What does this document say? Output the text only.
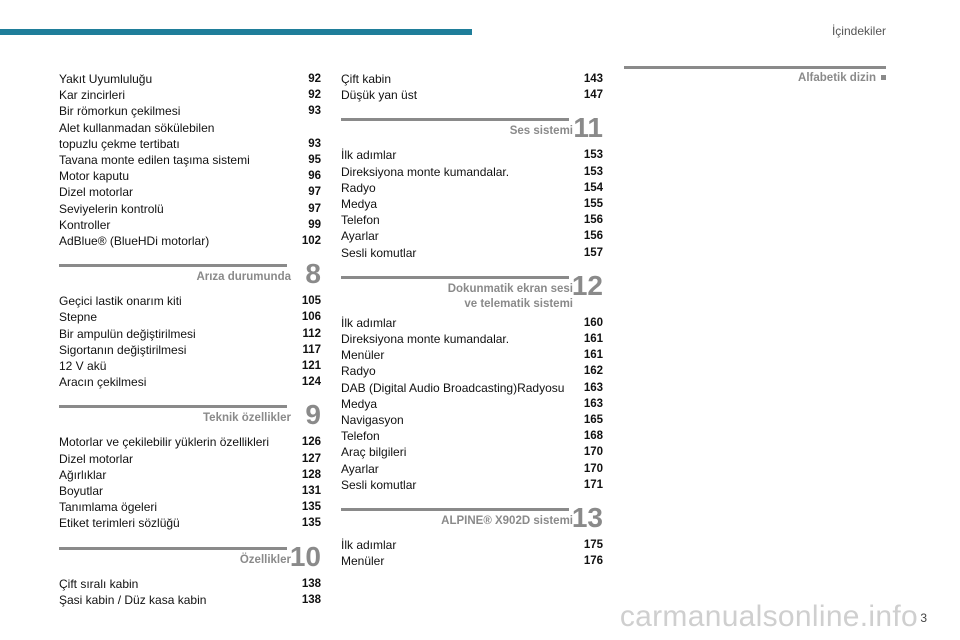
İçindekiler
Yakıt Uyumluluğu	92
Kar zincirleri	92
Bir römorkun çekilmesi	93
Alet kullanmadan sökülebilen
topuzlu çekme tertibatı	93
Tavana monte edilen taşıma sistemi	95
Motor kaputu	96
Dizel motorlar	97
Seviyelerin kontrolü	97
Kontroller	99
AdBlue® (BlueHDi motorlar)	102
Arıza durumunda 8
Geçici lastik onarım kiti	105
Stepne	106
Bir ampulün değiştirilmesi	112
Sigortanın değiştirilmesi	117
12 V akü	121
Aracın çekilmesi	124
Teknik özellikler 9
Motorlar ve çekilebilir yüklerin özellikleri	126
Dizel motorlar	127
Ağırlıklar	128
Boyutlar	131
Tanımlama ögeleri	135
Etiket terimleri sözlüğü	135
Özellikler
10
Çift sıralı kabin	138
Şasi kabin / Düz kasa kabin	138
Çift kabin	143
Düşük yan üst	147
Ses sistemi 11
İlk adımlar	153
Direksiyona monte kumandalar.	153
Radyo	154
Medya	155
Telefon	156
Ayarlar	156
Sesli komutlar	157
Dokunmatik ekran sesi
ve telematik sistemi
12
İlk adımlar	160
Direksiyona monte kumandalar.	161
Menüler	161
Radyo	162
DAB (Digital Audio Broadcasting)Radyosu 163
Medya	163
Navigasyon	165
Telefon	168
Araç bilgileri	170
Ayarlar	170
Sesli komutlar	171
ALPINE® X902D sistemi
13
İlk adımlar	175
Menüler	176
Alfabetik dizin
carmanualsonline.info 3
